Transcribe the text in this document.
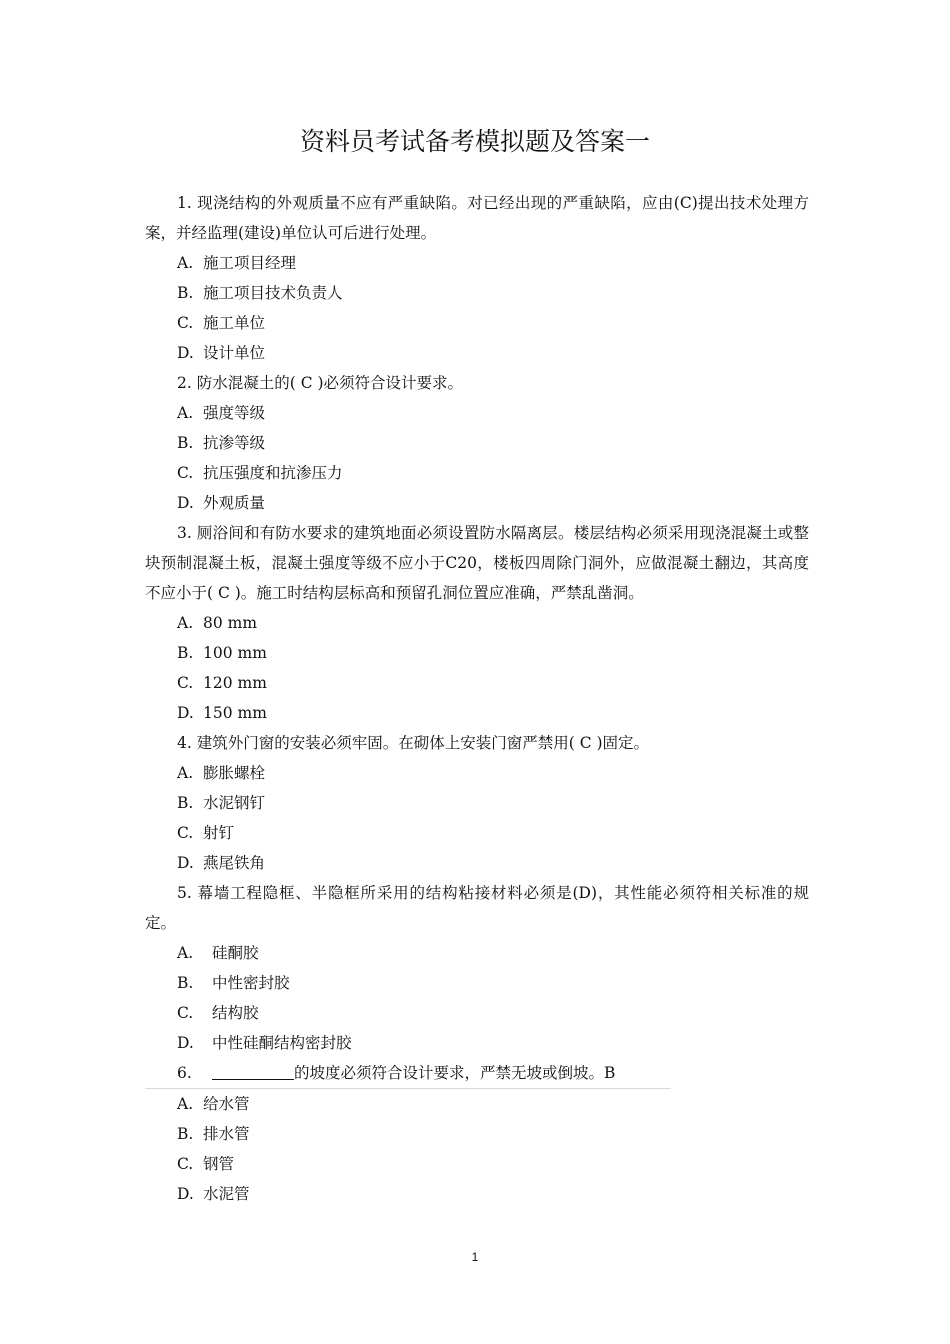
资料员考试备考模拟题及答案一

1. 现浇结构的外观质量不应有严重缺陷。对已经出现的严重缺陷，应由(C)提出技术处理方案，并经监理(建设)单位认可后进行处理。

A. 施工项目经理

B. 施工项目技术负责人

C. 施工单位

D. 设计单位

2. 防水混凝土的( C )必须符合设计要求。

A. 强度等级

B. 抗渗等级

C. 抗压强度和抗渗压力

D. 外观质量

3. 厕浴间和有防水要求的建筑地面必须设置防水隔离层。楼层结构必须采用现浇混凝土或整块预制混凝土板，混凝土强度等级不应小于C20，楼板四周除门洞外，应做混凝土翻边，其高度不应小于( C )。施工时结构层标高和预留孔洞位置应准确，严禁乱凿洞。

A. 80 mm

B. 100 mm

C. 120 mm

D. 150 mm

4. 建筑外门窗的安装必须牢固。在砌体上安装门窗严禁用( C )固定。

A. 膨胀螺栓

B. 水泥钢钉

C. 射钉

D. 燕尾铁角

5. 幕墙工程隐框、半隐框所采用的结构粘接材料必须是(D)，其性能必须符相关标准的规定。

A. 硅酮胶

B. 中性密封胶

C. 结构胶

D. 中性硅酮结构密封胶

6.	的坡度必须符合设计要求，严禁无坡或倒坡。B

A. 给水管

B. 排水管

C. 钢管

D. 水泥管

1
